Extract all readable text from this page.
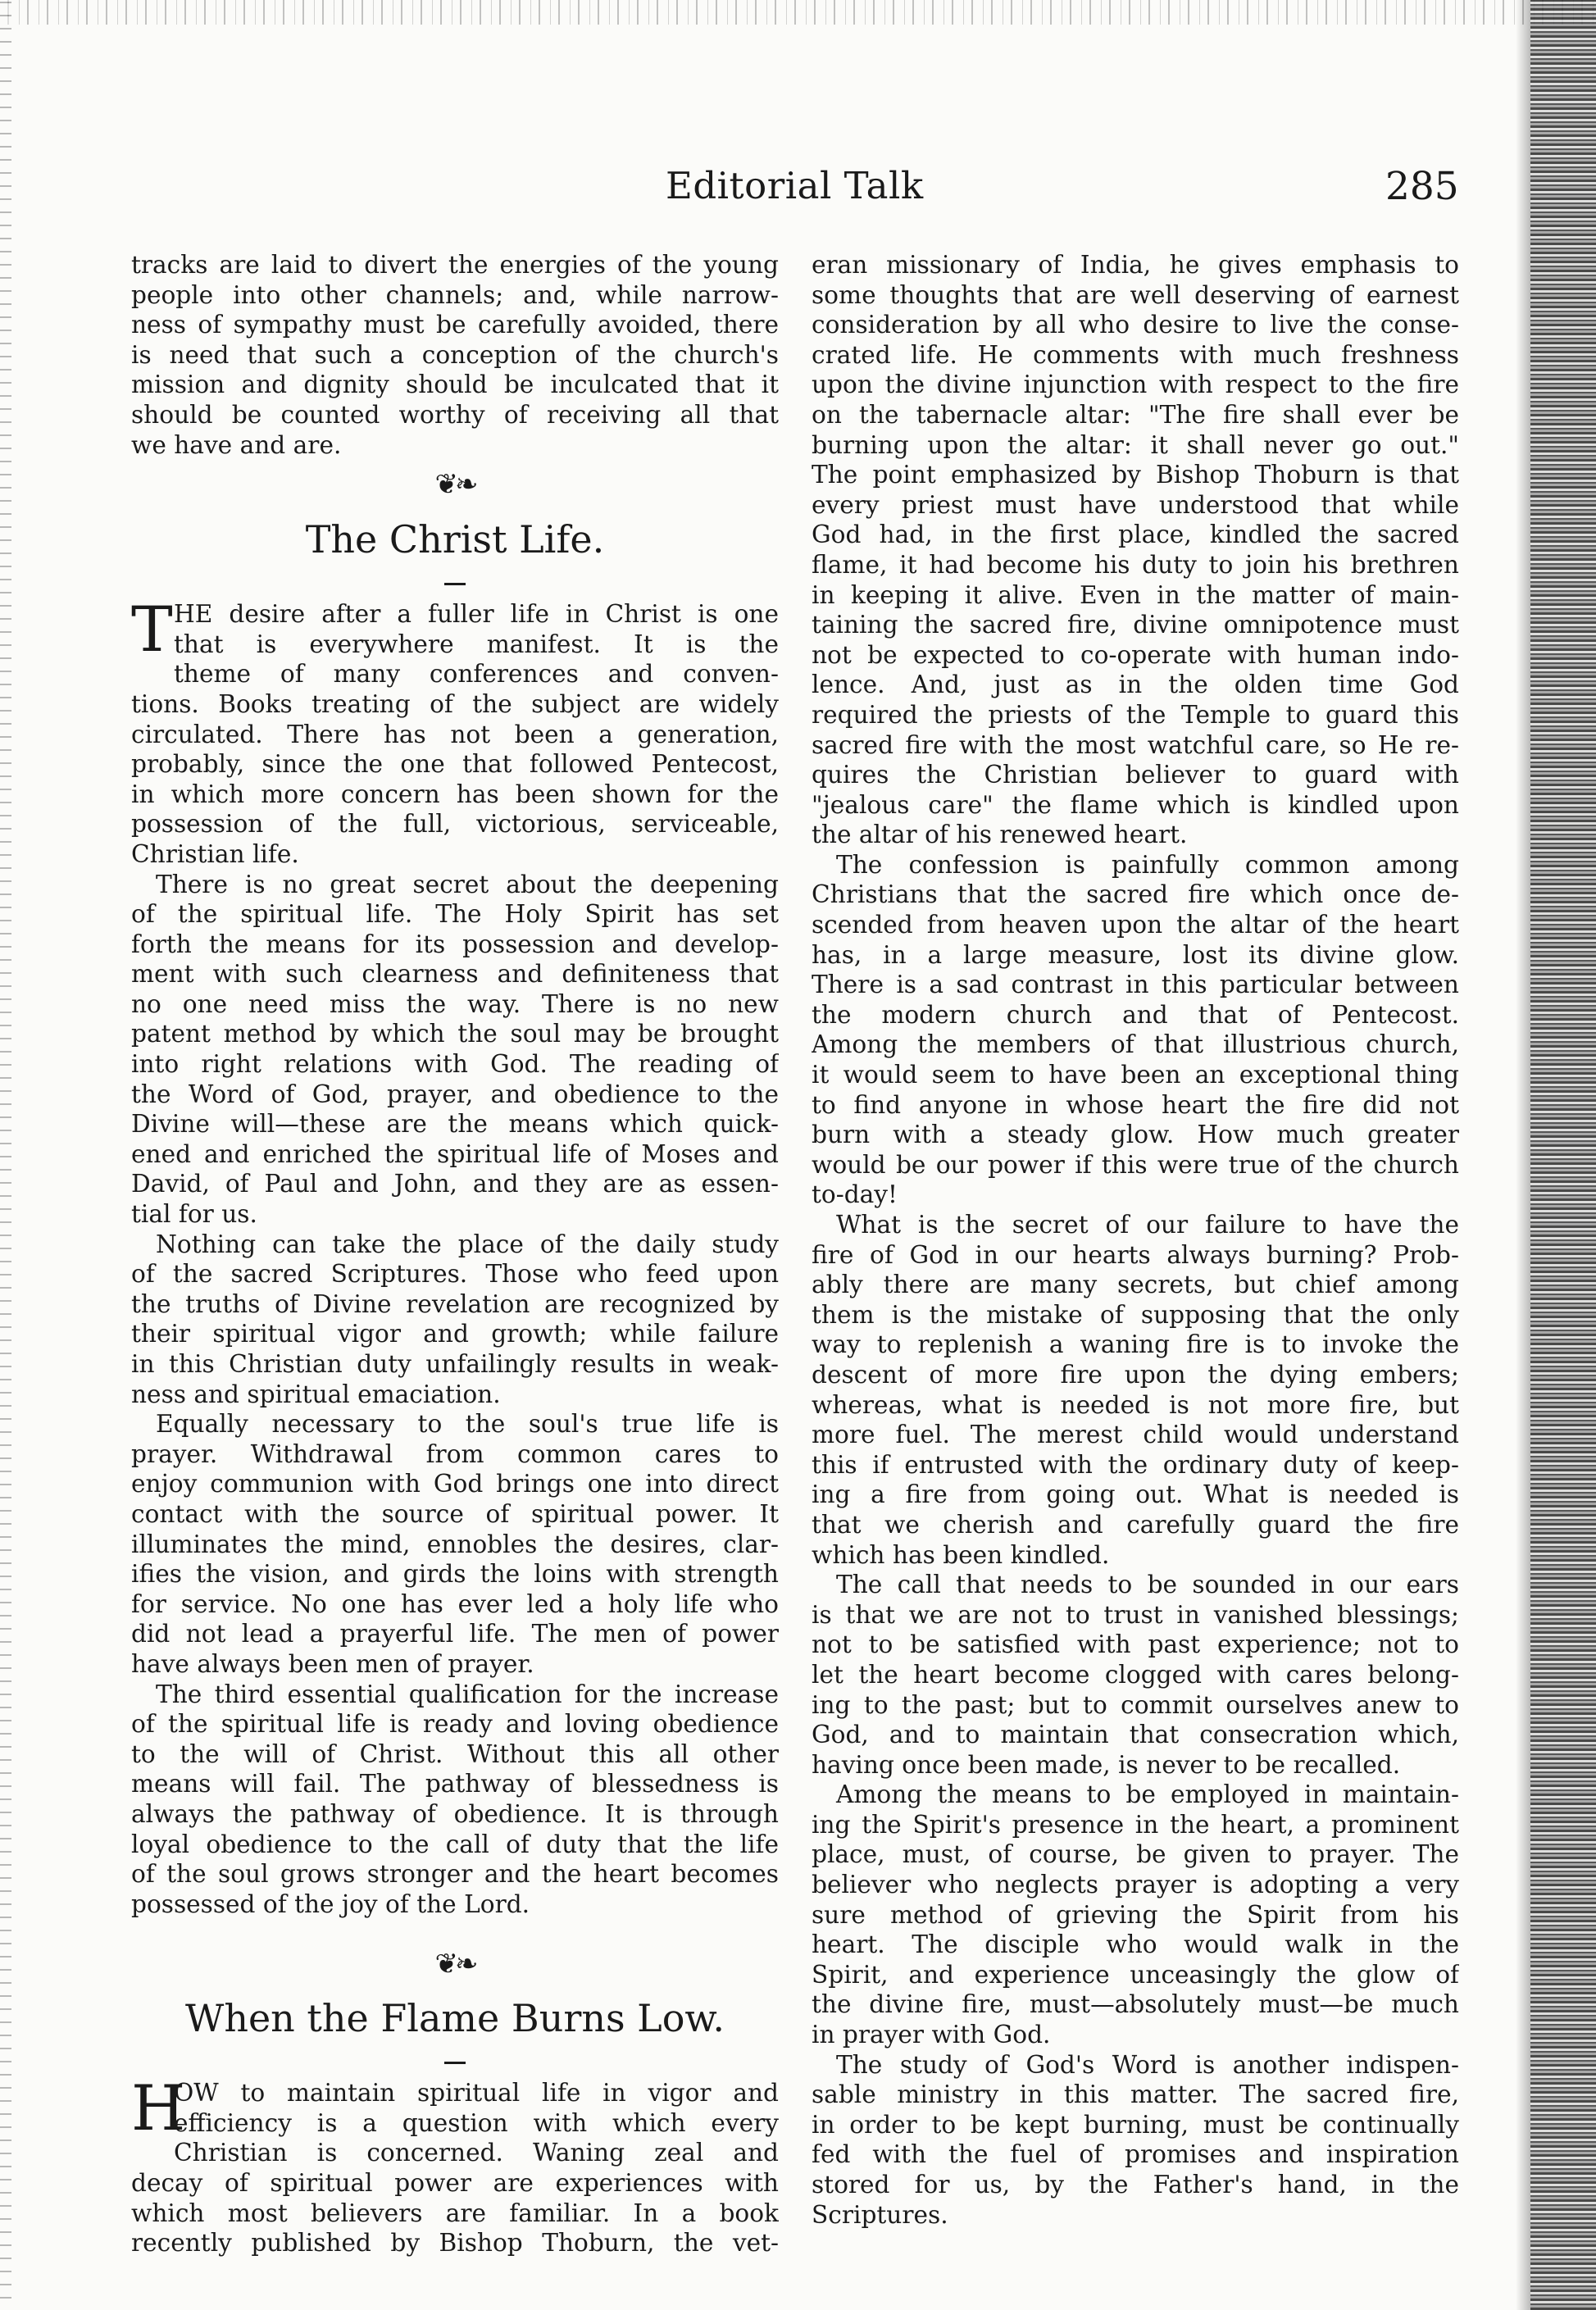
Editorial Talk	285
tracks are laid to divert the energies of the young
people into other channels; and, while narrow-
ness of sympathy must be carefully avoided, there
is need that such a conception of the church's
mission and dignity should be inculcated that it
should be counted worthy of receiving all that
we have and are.
❦❧
The Christ Life.
T HE desire after a fuller life in Christ is one
that is everywhere manifest. It is the
theme of many conferences and conven-
tions. Books treating of the subject are widely
circulated. There has not been a generation,
probably, since the one that followed Pentecost,
in which more concern has been shown for the
possession of the full, victorious, serviceable,
Christian life.
There is no great secret about the deepening
of the spiritual life. The Holy Spirit has set
forth the means for its possession and develop-
ment with such clearness and definiteness that
no one need miss the way. There is no new
patent method by which the soul may be brought
into right relations with God. The reading of
the Word of God, prayer, and obedience to the
Divine will—these are the means which quick-
ened and enriched the spiritual life of Moses and
David, of Paul and John, and they are as essen-
tial for us.
Nothing can take the place of the daily study
of the sacred Scriptures. Those who feed upon
the truths of Divine revelation are recognized by
their spiritual vigor and growth; while failure
in this Christian duty unfailingly results in weak-
ness and spiritual emaciation.
Equally necessary to the soul's true life is
prayer. Withdrawal from common cares to
enjoy communion with God brings one into direct
contact with the source of spiritual power. It
illuminates the mind, ennobles the desires, clar-
ifies the vision, and girds the loins with strength
for service. No one has ever led a holy life who
did not lead a prayerful life. The men of power
have always been men of prayer.
The third essential qualification for the increase
of the spiritual life is ready and loving obedience
to the will of Christ. Without this all other
means will fail. The pathway of blessedness is
always the pathway of obedience. It is through
loyal obedience to the call of duty that the life
of the soul grows stronger and the heart becomes
possessed of the joy of the Lord.
❦❧
When the Flame Burns Low.
H
OW to maintain spiritual life in vigor and
efficiency is a question with which every
Christian is concerned. Waning zeal and
decay of spiritual power are experiences with
which most believers are familiar. In a book
recently published by Bishop Thoburn, the vet-
eran missionary of India, he gives emphasis to
some thoughts that are well deserving of earnest
consideration by all who desire to live the conse-
crated life. He comments with much freshness
upon the divine injunction with respect to the fire
on the tabernacle altar: "The fire shall ever be
burning upon the altar: it shall never go out."
The point emphasized by Bishop Thoburn is that
every priest must have understood that while
God had, in the first place, kindled the sacred
flame, it had become his duty to join his brethren
in keeping it alive. Even in the matter of main-
taining the sacred fire, divine omnipotence must
not be expected to co-operate with human indo-
lence. And, just as in the olden time God
required the priests of the Temple to guard this
sacred fire with the most watchful care, so He re-
quires the Christian believer to guard with
"jealous care" the flame which is kindled upon
the altar of his renewed heart.
The confession is painfully common among
Christians that the sacred fire which once de-
scended from heaven upon the altar of the heart
has, in a large measure, lost its divine glow.
There is a sad contrast in this particular between
the modern church and that of Pentecost.
Among the members of that illustrious church,
it would seem to have been an exceptional thing
to find anyone in whose heart the fire did not
burn with a steady glow. How much greater
would be our power if this were true of the church
to-day!
What is the secret of our failure to have the
fire of God in our hearts always burning? Prob-
ably there are many secrets, but chief among
them is the mistake of supposing that the only
way to replenish a waning fire is to invoke the
descent of more fire upon the dying embers;
whereas, what is needed is not more fire, but
more fuel. The merest child would understand
this if entrusted with the ordinary duty of keep-
ing a fire from going out. What is needed is
that we cherish and carefully guard the fire
which has been kindled.
The call that needs to be sounded in our ears
is that we are not to trust in vanished blessings;
not to be satisfied with past experience; not to
let the heart become clogged with cares belong-
ing to the past; but to commit ourselves anew to
God, and to maintain that consecration which,
having once been made, is never to be recalled.
Among the means to be employed in maintain-
ing the Spirit's presence in the heart, a prominent
place, must, of course, be given to prayer. The
believer who neglects prayer is adopting a very
sure method of grieving the Spirit from his
heart. The disciple who would walk in the
Spirit, and experience unceasingly the glow of
the divine fire, must—absolutely must—be much
in prayer with God.
The study of God's Word is another indispen-
sable ministry in this matter. The sacred fire,
in order to be kept burning, must be continually
fed with the fuel of promises and inspiration
stored for us, by the Father's hand, in the
Scriptures.
